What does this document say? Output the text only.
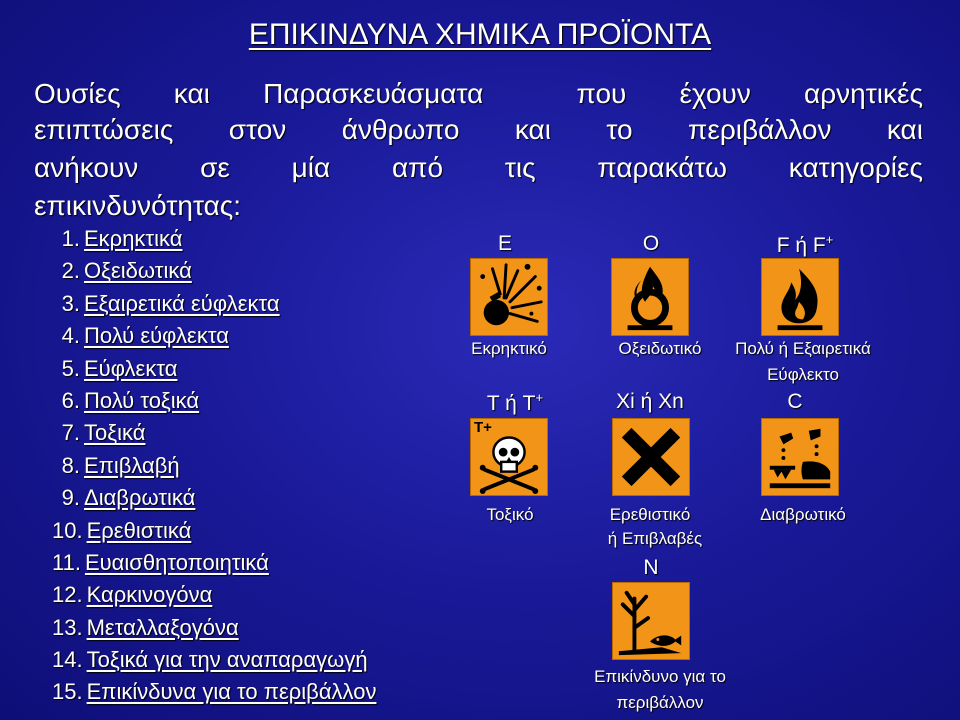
ΕΠΙΚΙΝΔΥΝΑ ΧΗΜΙΚΑ ΠΡΟΪΟΝΤΑ
Ουσίες και Παρασκευάσματα	που έχουν αρνητικές
επιπτώσεις στον άνθρωπο και το περιβάλλον και
ανήκουν σε μία από τις παρακάτω κατηγορίες
επικινδυνότητας:
1. Εκρηκτικά
2. Οξειδωτικά
3. Εξαιρετικά εύφλεκτα
4. Πολύ εύφλεκτα
5. Εύφλεκτα
6. Πολύ τοξικά
7. Τοξικά
8. Επιβλαβή
9. Διαβρωτικά
10. Ερεθιστικά
11. Ευαισθητοποιητικά
12. Καρκινογόνα
13. Μεταλλαξογόνα
14. Τοξικά για την αναπαραγωγή
15. Επικίνδυνα για το περιβάλλον
E
Εκρηκτικό
O
Οξειδωτικό
F ή F+
Πολύ ή Εξαιρετικά
Εύφλεκτο
T ή T+
T+
Τοξικό
Xi ή Xn
Ερεθιστικό
ή Επιβλαβές
C
Διαβρωτικό
N
Επικίνδυνο για το
περιβάλλον
